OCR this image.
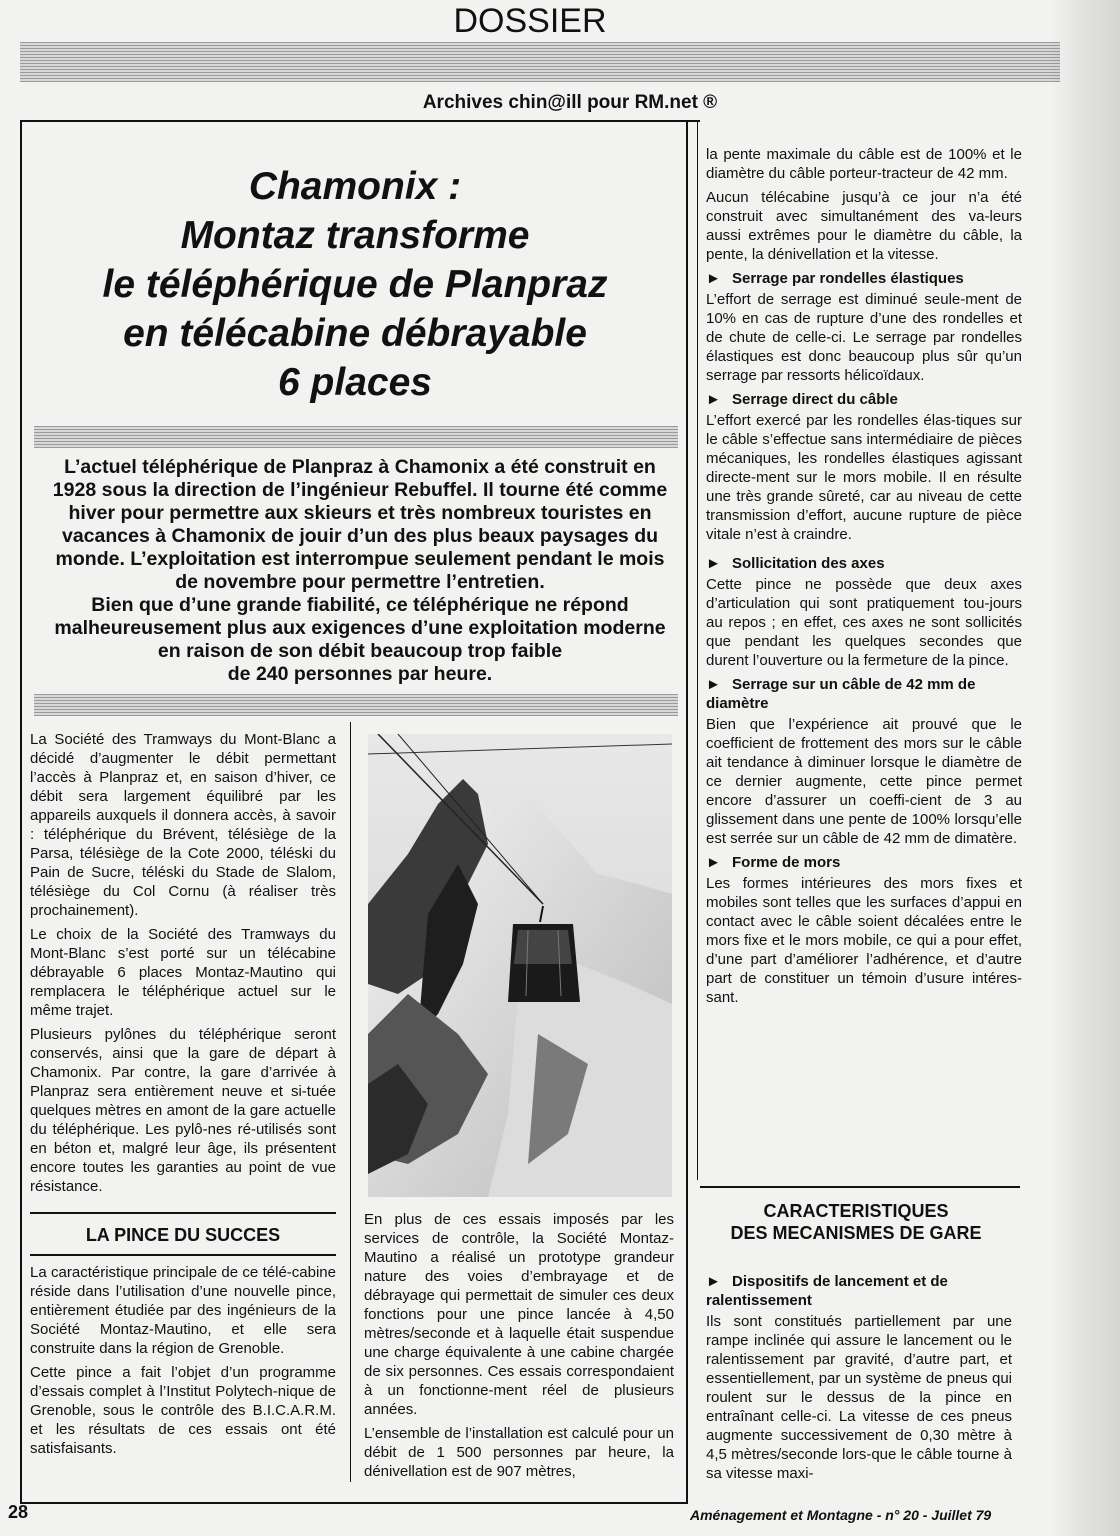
DOSSIER
Archives chin@ill pour RM.net ®
Chamonix :
Montaz transforme
le téléphérique de Planpraz
en télécabine débrayable
6 places
L’actuel téléphérique de Planpraz à Chamonix a été construit en
1928 sous la direction de l’ingénieur Rebuffel. Il tourne été comme
hiver pour permettre aux skieurs et très nombreux touristes en
vacances à Chamonix de jouir d’un des plus beaux paysages du
monde. L’exploitation est interrompue seulement pendant le mois
de novembre pour permettre l’entretien.
Bien que d’une grande fiabilité, ce téléphérique ne répond
malheureusement plus aux exigences d’une exploitation moderne
en raison de son débit beaucoup trop faible
de 240 personnes par heure.

La Société des Tramways du Mont-Blanc a décidé d’augmenter le débit permettant l’accès à Planpraz et, en saison d’hiver, ce débit sera largement équilibré par les appareils auxquels il donnera accès, à savoir : téléphérique du Brévent, télésiège de la Parsa, télésiège de la Cote 2000, téléski du Pain de Sucre, téléski du Stade de Slalom, télésiège du Col Cornu (à réaliser très prochainement).

Le choix de la Société des Tramways du Mont-Blanc s’est porté sur un télécabine débrayable 6 places Montaz-Mautino qui remplacera le téléphérique actuel sur le même trajet.

Plusieurs pylônes du téléphérique seront conservés, ainsi que la gare de départ à Chamonix. Par contre, la gare d’arrivée à Planpraz sera entièrement neuve et si-tuée quelques mètres en amont de la gare actuelle du téléphérique. Les pylô-nes ré-utilisés sont en béton et, malgré leur âge, ils présentent encore toutes les garanties au point de vue résistance.

LA PINCE DU SUCCES

La caractéristique principale de ce télé-cabine réside dans l’utilisation d’une nouvelle pince, entièrement étudiée par des ingénieurs de la Société Montaz-Mautino, et elle sera construite dans la région de Grenoble.

Cette pince a fait l’objet d’un programme d’essais complet à l’Institut Polytech-nique de Grenoble, sous le contrôle des B.I.C.A.R.M. et les résultats de ces essais ont été satisfaisants.

En plus de ces essais imposés par les services de contrôle, la Société Montaz-Mautino a réalisé un prototype grandeur nature des voies d’embrayage et de débrayage qui permettait de simuler ces deux fonctions pour une pince lancée à 4,50 mètres/seconde et à laquelle était suspendue une charge équivalente à une cabine chargée de six personnes. Ces essais correspondaient à un fonctionne-ment réel de plusieurs années.

L’ensemble de l’installation est calculé pour un débit de 1 500 personnes par heure, la dénivellation est de 907 mètres,

la pente maximale du câble est de 100% et le diamètre du câble porteur-tracteur de 42 mm.

Aucun télécabine jusqu’à ce jour n’a été construit avec simultanément des va-leurs aussi extrêmes pour le diamètre du câble, la pente, la dénivellation et la vitesse.

► Serrage par rondelles élastiques

L’effort de serrage est diminué seule-ment de 10% en cas de rupture d’une des rondelles et de chute de celle-ci. Le serrage par rondelles élastiques est donc beaucoup plus sûr qu’un serrage par ressorts hélicoïdaux.

► Serrage direct du câble

L’effort exercé par les rondelles élas-tiques sur le câble s’effectue sans intermédiaire de pièces mécaniques, les rondelles élastiques agissant directe-ment sur le mors mobile. Il en résulte une très grande sûreté, car au niveau de cette transmission d’effort, aucune rupture de pièce vitale n’est à craindre.

► Sollicitation des axes

Cette pince ne possède que deux axes d’articulation qui sont pratiquement tou-jours au repos ; en effet, ces axes ne sont sollicités que pendant les quelques secondes que durent l’ouverture ou la fermeture de la pince.

► Serrage sur un câble de 42 mm de diamètre

Bien que l’expérience ait prouvé que le coefficient de frottement des mors sur le câble ait tendance à diminuer lorsque le diamètre de ce dernier augmente, cette pince permet encore d’assurer un coeffi-cient de 3 au glissement dans une pente de 100% lorsqu’elle est serrée sur un câble de 42 mm de dimatère.

► Forme de mors

Les formes intérieures des mors fixes et mobiles sont telles que les surfaces d’appui en contact avec le câble soient décalées entre le mors fixe et le mors mobile, ce qui a pour effet, d’une part d’améliorer l’adhérence, et d’autre part de constituer un témoin d’usure intéres-sant.

CARACTERISTIQUES
DES MECANISMES DE GARE
► Dispositifs de lancement et de ralentissement

Ils sont constitués partiellement par une rampe inclinée qui assure le lancement ou le ralentissement par gravité, d’autre part, et essentiellement, par un système de pneus qui roulent sur le dessus de la pince en entraînant celle-ci. La vitesse de ces pneus augmente successivement de 0,30 mètre à 4,5 mètres/seconde lors-que le câble tourne à sa vitesse maxi-

28	Aménagement et Montagne - n° 20 - Juillet 79
